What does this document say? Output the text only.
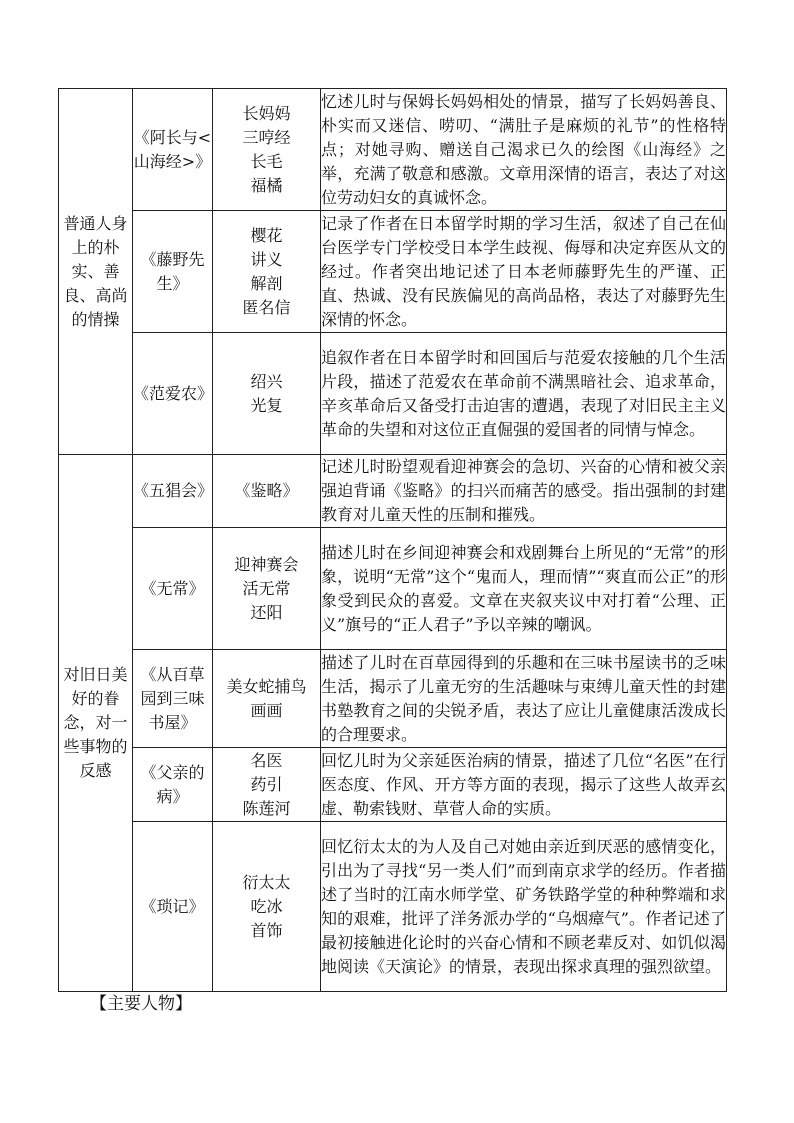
普通人身上的朴实、善良、高尚的情操	《阿长与<山海经>》	长妈妈
三哼经
长毛
福橘	忆述儿时与保姆长妈妈相处的情景，描写了长妈妈善良、朴实而又迷信、唠叨、“满肚子是麻烦的礼节”的性格特点；对她寻购、赠送自己渴求已久的绘图《山海经》之举，充满了敬意和感激。文章用深情的语言，表达了对这位劳动妇女的真诚怀念。
	《藤野先生》	樱花
讲义
解剖
匿名信	记录了作者在日本留学时期的学习生活，叙述了自己在仙台医学专门学校受日本学生歧视、侮辱和决定弃医从文的经过。作者突出地记述了日本老师藤野先生的严谨、正直、热诚、没有民族偏见的高尚品格，表达了对藤野先生深情的怀念。
	《范爱农》	绍兴
光复	追叙作者在日本留学时和回国后与范爱农接触的几个生活片段，描述了范爱农在革命前不满黑暗社会、追求革命，辛亥革命后又备受打击迫害的遭遇，表现了对旧民主主义革命的失望和对这位正直倔强的爱国者的同情与悼念。
对旧日美好的眷念，对一些事物的反感	《五猖会》	《鉴略》	记述儿时盼望观看迎神赛会的急切、兴奋的心情和被父亲强迫背诵《鉴略》的扫兴而痛苦的感受。指出强制的封建教育对儿童天性的压制和摧残。
	《无常》	迎神赛会
活无常
还阳	描述儿时在乡间迎神赛会和戏剧舞台上所见的“无常”的形象，说明“无常”这个“鬼而人，理而情”“爽直而公正”的形象受到民众的喜爱。文章在夹叙夹议中对打着“公理、正义”旗号的“正人君子”予以辛辣的嘲讽。
	《从百草园到三味书屋》	美女蛇捕鸟
画画	描述了儿时在百草园得到的乐趣和在三味书屋读书的乏味生活，揭示了儿童无穷的生活趣味与束缚儿童天性的封建书塾教育之间的尖锐矛盾，表达了应让儿童健康活泼成长的合理要求。
	《父亲的病》	名医
药引
陈莲河	回忆儿时为父亲延医治病的情景，描述了几位“名医”在行医态度、作风、开方等方面的表现，揭示了这些人故弄玄虚、勒索钱财、草菅人命的实质。
	《琐记》	衍太太
吃冰
首饰	回忆衍太太的为人及自己对她由亲近到厌恶的感情变化，引出为了寻找“另一类人们”而到南京求学的经历。作者描述了当时的江南水师学堂、矿务铁路学堂的种种弊端和求知的艰难，批评了洋务派办学的“乌烟瘴气”。作者记述了最初接触进化论时的兴奋心情和不顾老辈反对、如饥似渴地阅读《天演论》的情景，表现出探求真理的强烈欲望。
【主要人物】
